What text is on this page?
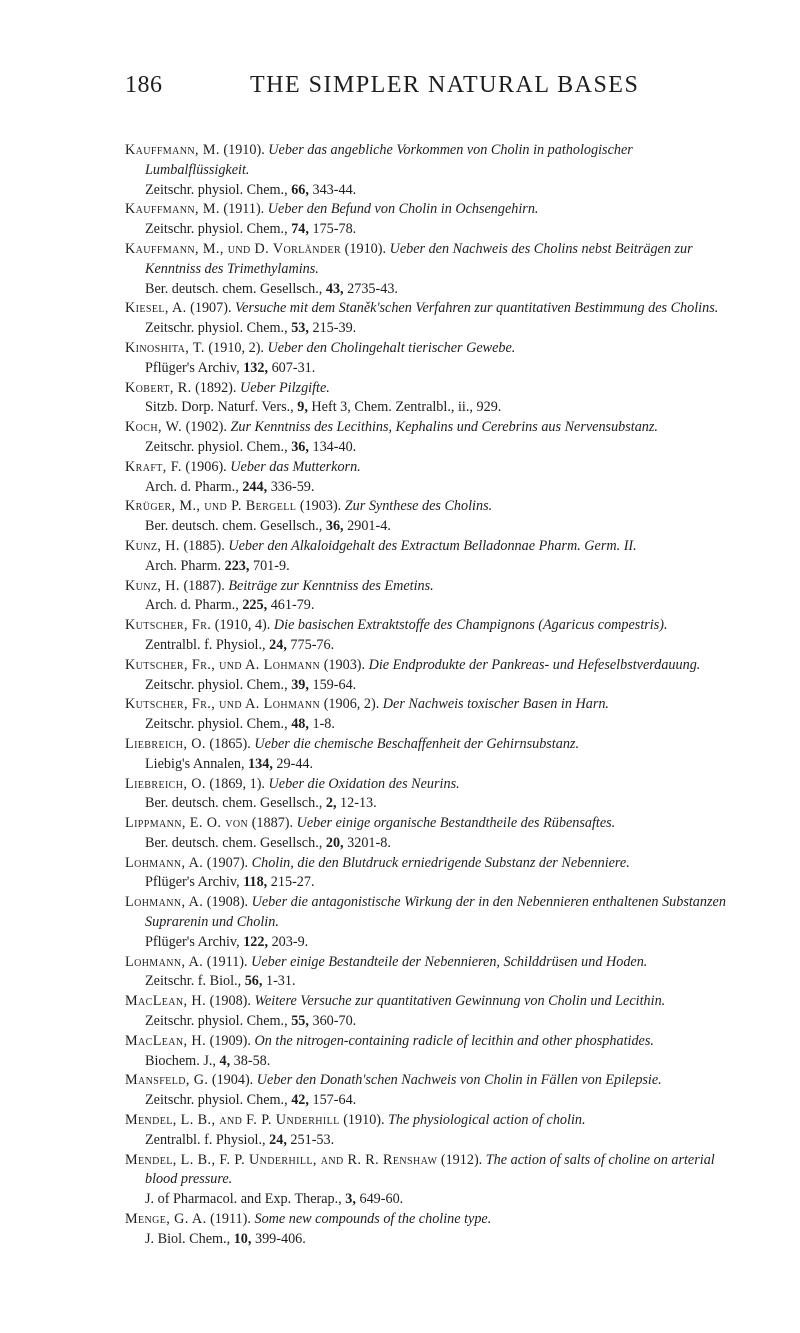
186	THE SIMPLER NATURAL BASES
Kauffmann, M. (1910). Ueber das angebliche Vorkommen von Cholin in pathologischer Lumbalflüssigkeit.
Zeitschr. physiol. Chem., 66, 343-44.
Kauffmann, M. (1911). Ueber den Befund von Cholin in Ochsengehirn.
Zeitschr. physiol. Chem., 74, 175-78.
Kauffmann, M., und D. Vorländer (1910). Ueber den Nachweis des Cholins nebst Beiträgen zur Kenntniss des Trimethylamins.
Ber. deutsch. chem. Gesellsch., 43, 2735-43.
Kiesel, A. (1907). Versuche mit dem Staněk'schen Verfahren zur quantitativen Bestimmung des Cholins.
Zeitschr. physiol. Chem., 53, 215-39.
Kinoshita, T. (1910, 2). Ueber den Cholingehalt tierischer Gewebe.
Pflüger's Archiv, 132, 607-31.
Kobert, R. (1892). Ueber Pilzgifte.
Sitzb. Dorp. Naturf. Vers., 9, Heft 3, Chem. Zentralbl., ii., 929.
Koch, W. (1902). Zur Kenntniss des Lecithins, Kephalins und Cerebrins aus Nervensubstanz.
Zeitschr. physiol. Chem., 36, 134-40.
Kraft, F. (1906). Ueber das Mutterkorn.
Arch. d. Pharm., 244, 336-59.
Krüger, M., und P. Bergell (1903). Zur Synthese des Cholins.
Ber. deutsch. chem. Gesellsch., 36, 2901-4.
Kunz, H. (1885). Ueber den Alkaloidgehalt des Extractum Belladonnae Pharm. Germ. II.
Arch. Pharm. 223, 701-9.
Kunz, H. (1887). Beiträge zur Kenntniss des Emetins.
Arch. d. Pharm., 225, 461-79.
Kutscher, Fr. (1910, 4). Die basischen Extraktstoffe des Champignons (Agaricus compestris).
Zentralbl. f. Physiol., 24, 775-76.
Kutscher, Fr., und A. Lohmann (1903). Die Endprodukte der Pankreas- und Hefeselbstverdauung.
Zeitschr. physiol. Chem., 39, 159-64.
Kutscher, Fr., und A. Lohmann (1906, 2). Der Nachweis toxischer Basen in Harn.
Zeitschr. physiol. Chem., 48, 1-8.
Liebreich, O. (1865). Ueber die chemische Beschaffenheit der Gehirnsubstanz.
Liebig's Annalen, 134, 29-44.
Liebreich, O. (1869, 1). Ueber die Oxidation des Neurins.
Ber. deutsch. chem. Gesellsch., 2, 12-13.
Lippmann, E. O. von (1887). Ueber einige organische Bestandtheile des Rübensaftes.
Ber. deutsch. chem. Gesellsch., 20, 3201-8.
Lohmann, A. (1907). Cholin, die den Blutdruck erniedrigende Substanz der Nebenniere.
Pflüger's Archiv, 118, 215-27.
Lohmann, A. (1908). Ueber die antagonistische Wirkung der in den Nebennieren enthaltenen Substanzen Suprarenin und Cholin.
Pflüger's Archiv, 122, 203-9.
Lohmann, A. (1911). Ueber einige Bestandteile der Nebennieren, Schilddrüsen und Hoden.
Zeitschr. f. Biol., 56, 1-31.
MacLean, H. (1908). Weitere Versuche zur quantitativen Gewinnung von Cholin und Lecithin.
Zeitschr. physiol. Chem., 55, 360-70.
MacLean, H. (1909). On the nitrogen-containing radicle of lecithin and other phosphatides.
Biochem. J., 4, 38-58.
Mansfeld, G. (1904). Ueber den Donath'schen Nachweis von Cholin in Fällen von Epilepsie.
Zeitschr. physiol. Chem., 42, 157-64.
Mendel, L. B., and F. P. Underhill (1910). The physiological action of cholin.
Zentralbl. f. Physiol., 24, 251-53.
Mendel, L. B., F. P. Underhill, and R. R. Renshaw (1912). The action of salts of choline on arterial blood pressure.
J. of Pharmacol. and Exp. Therap., 3, 649-60.
Menge, G. A. (1911). Some new compounds of the choline type.
J. Biol. Chem., 10, 399-406.
